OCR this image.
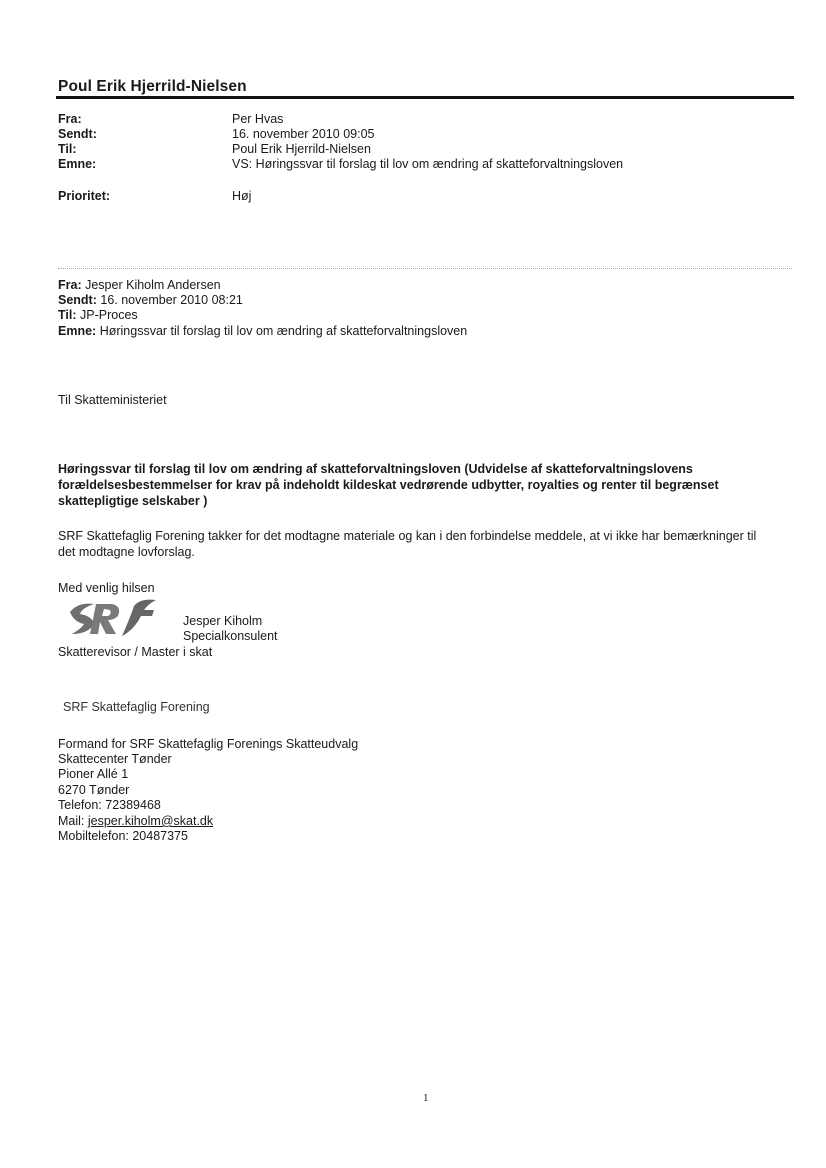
Poul Erik Hjerrild-Nielsen
Fra:	Per Hvas
Sendt:	16. november 2010 09:05
Til:	Poul Erik Hjerrild-Nielsen
Emne:	VS: Høringssvar til forslag til lov om ændring af skatteforvaltningsloven
Prioritet:	Høj
Fra: Jesper Kiholm Andersen
Sendt: 16. november 2010 08:21
Til: JP-Proces
Emne: Høringssvar til forslag til lov om ændring af skatteforvaltningsloven
Til Skatteministeriet
Høringssvar til forslag til lov om ændring af skatteforvaltningsloven (Udvidelse af skatteforvaltningslovens forældelsesbestemmelser for krav på indeholdt kildeskat vedrørende udbytter, royalties og renter til begrænset skattepligtige selskaber )
SRF Skattefaglig Forening takker for det modtagne materiale og kan i den forbindelse meddele, at vi ikke har bemærkninger til det modtagne lovforslag.
Med venlig hilsen
Jesper Kiholm
Specialkonsulent
Skatterevisor / Master i skat
SRF Skattefaglig Forening
Formand for SRF Skattefaglig Forenings Skatteudvalg
Skattecenter Tønder
Pioner Allé 1
6270 Tønder
Telefon: 72389468
Mail: jesper.kiholm@skat.dk
Mobiltelefon: 20487375
1
